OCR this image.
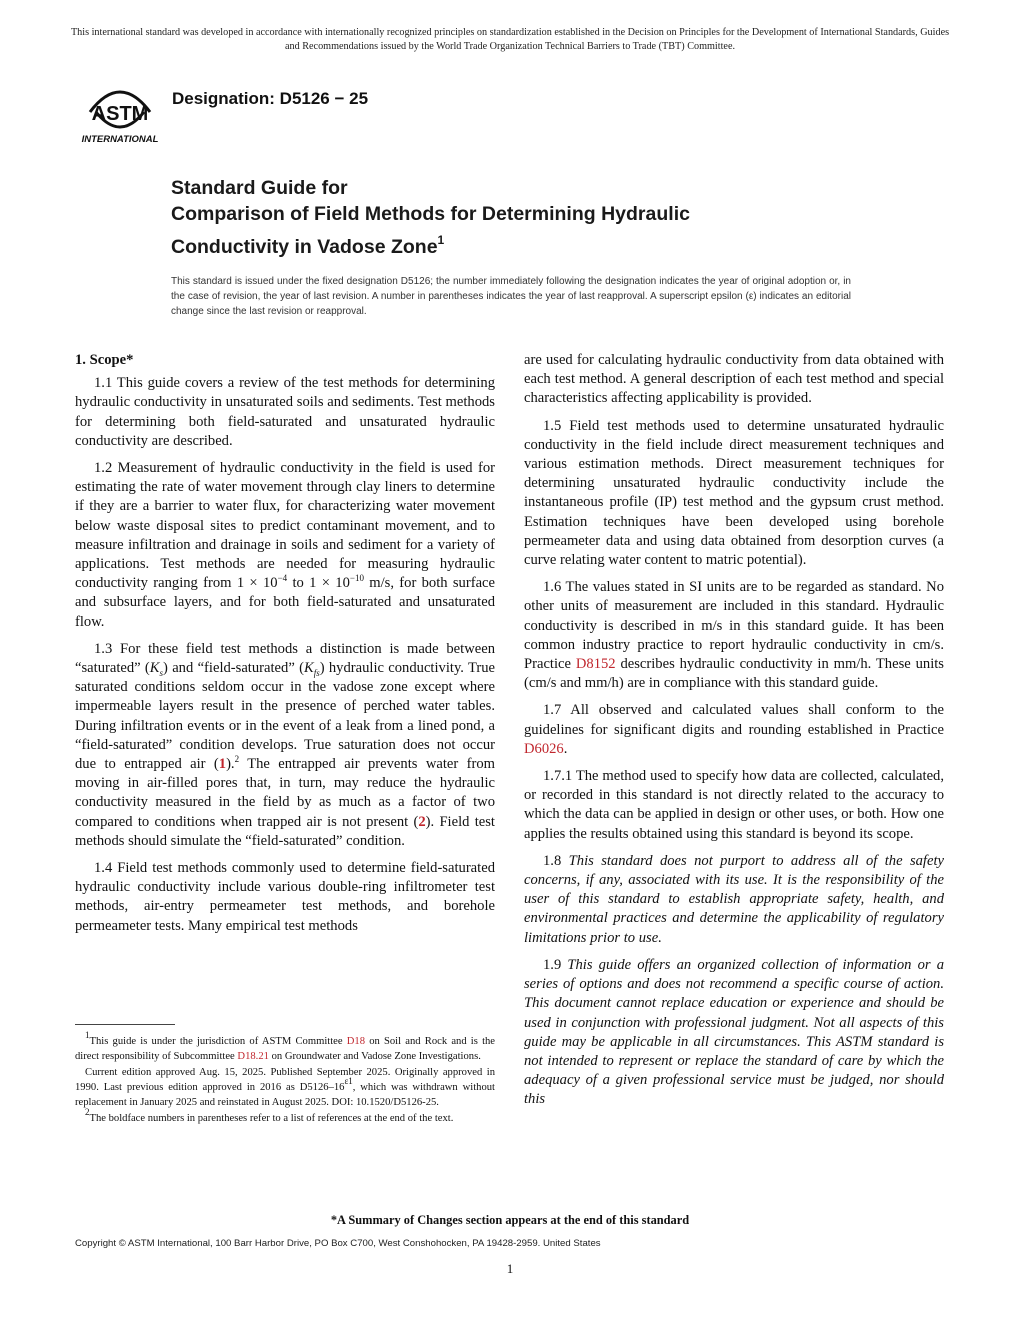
This international standard was developed in accordance with internationally recognized principles on standardization established in the Decision on Principles for the Development of International Standards, Guides and Recommendations issued by the World Trade Organization Technical Barriers to Trade (TBT) Committee.
ASTM
INTERNATIONAL
Designation: D5126 − 25
Standard Guide for
Comparison of Field Methods for Determining Hydraulic
Conductivity in Vadose Zone$^1$
This standard is issued under the fixed designation D5126; the number immediately following the designation indicates the year of original adoption or, in the case of revision, the year of last revision. A number in parentheses indicates the year of last reapproval. A superscript epsilon (ε) indicates an editorial change since the last revision or reapproval.
1. Scope*

1.1 This guide covers a review of the test methods for determining hydraulic conductivity in unsaturated soils and sediments. Test methods for determining both field-saturated and unsaturated hydraulic conductivity are described.

1.2 Measurement of hydraulic conductivity in the field is used for estimating the rate of water movement through clay liners to determine if they are a barrier to water flux, for characterizing water movement below waste disposal sites to predict contaminant movement, and to measure infiltration and drainage in soils and sediment for a variety of applications. Test methods are needed for measuring hydraulic conductivity ranging from $1 \times 10^{-4}$ to $1 \times 10^{-10}$ m/s, for both surface and subsurface layers, and for both field-saturated and unsaturated flow.

1.3 For these field test methods a distinction is made between “saturated” $(K_s)$ and “field-saturated” $(K_{fs})$ hydraulic conductivity. True saturated conditions seldom occur in the vadose zone except where impermeable layers result in the presence of perched water tables. During infiltration events or in the event of a leak from a lined pond, a “field-saturated” condition develops. True saturation does not occur due to entrapped air (1).$^2$ The entrapped air prevents water from moving in air-filled pores that, in turn, may reduce the hydraulic conductivity measured in the field by as much as a factor of two compared to conditions when trapped air is not present (2). Field test methods should simulate the “field-saturated” condition.

1.4 Field test methods commonly used to determine field-saturated hydraulic conductivity include various double-ring infiltrometer test methods, air-entry permeameter test methods, and borehole permeameter tests. Many empirical test methods

are used for calculating hydraulic conductivity from data obtained with each test method. A general description of each test method and special characteristics affecting applicability is provided.

1.5 Field test methods used to determine unsaturated hydraulic conductivity in the field include direct measurement techniques and various estimation methods. Direct measurement techniques for determining unsaturated hydraulic conductivity include the instantaneous profile (IP) test method and the gypsum crust method. Estimation techniques have been developed using borehole permeameter data and using data obtained from desorption curves (a curve relating water content to matric potential).

1.6 The values stated in SI units are to be regarded as standard. No other units of measurement are included in this standard. Hydraulic conductivity is described in m/s in this standard guide. It has been common industry practice to report hydraulic conductivity in cm/s. Practice D8152 describes hydraulic conductivity in mm/h. These units (cm/s and mm/h) are in compliance with this standard guide.

1.7 All observed and calculated values shall conform to the guidelines for significant digits and rounding established in Practice D6026.

1.7.1 The method used to specify how data are collected, calculated, or recorded in this standard is not directly related to the accuracy to which the data can be applied in design or other uses, or both. How one applies the results obtained using this standard is beyond its scope.

1.8 This standard does not purport to address all of the safety concerns, if any, associated with its use. It is the responsibility of the user of this standard to establish appropriate safety, health, and environmental practices and determine the applicability of regulatory limitations prior to use.

1.9 This guide offers an organized collection of information or a series of options and does not recommend a specific course of action. This document cannot replace education or experience and should be used in conjunction with professional judgment. Not all aspects of this guide may be applicable in all circumstances. This ASTM standard is not intended to represent or replace the standard of care by which the adequacy of a given professional service must be judged, nor should this

$^1$This guide is under the jurisdiction of ASTM Committee D18 on Soil and Rock and is the direct responsibility of Subcommittee D18.21 on Groundwater and Vadose Zone Investigations.

Current edition approved Aug. 15, 2025. Published September 2025. Originally approved in 1990. Last previous edition approved in 2016 as $D5126-16^{\varepsilon 1}$, which was withdrawn without replacement in January 2025 and reinstated in August 2025. DOI: 10.1520/D5126-25.

$^2$The boldface numbers in parentheses refer to a list of references at the end of the text.

*A Summary of Changes section appears at the end of this standard
Copyright © ASTM International, 100 Barr Harbor Drive, PO Box C700, West Conshohocken, PA 19428-2959. United States
1
